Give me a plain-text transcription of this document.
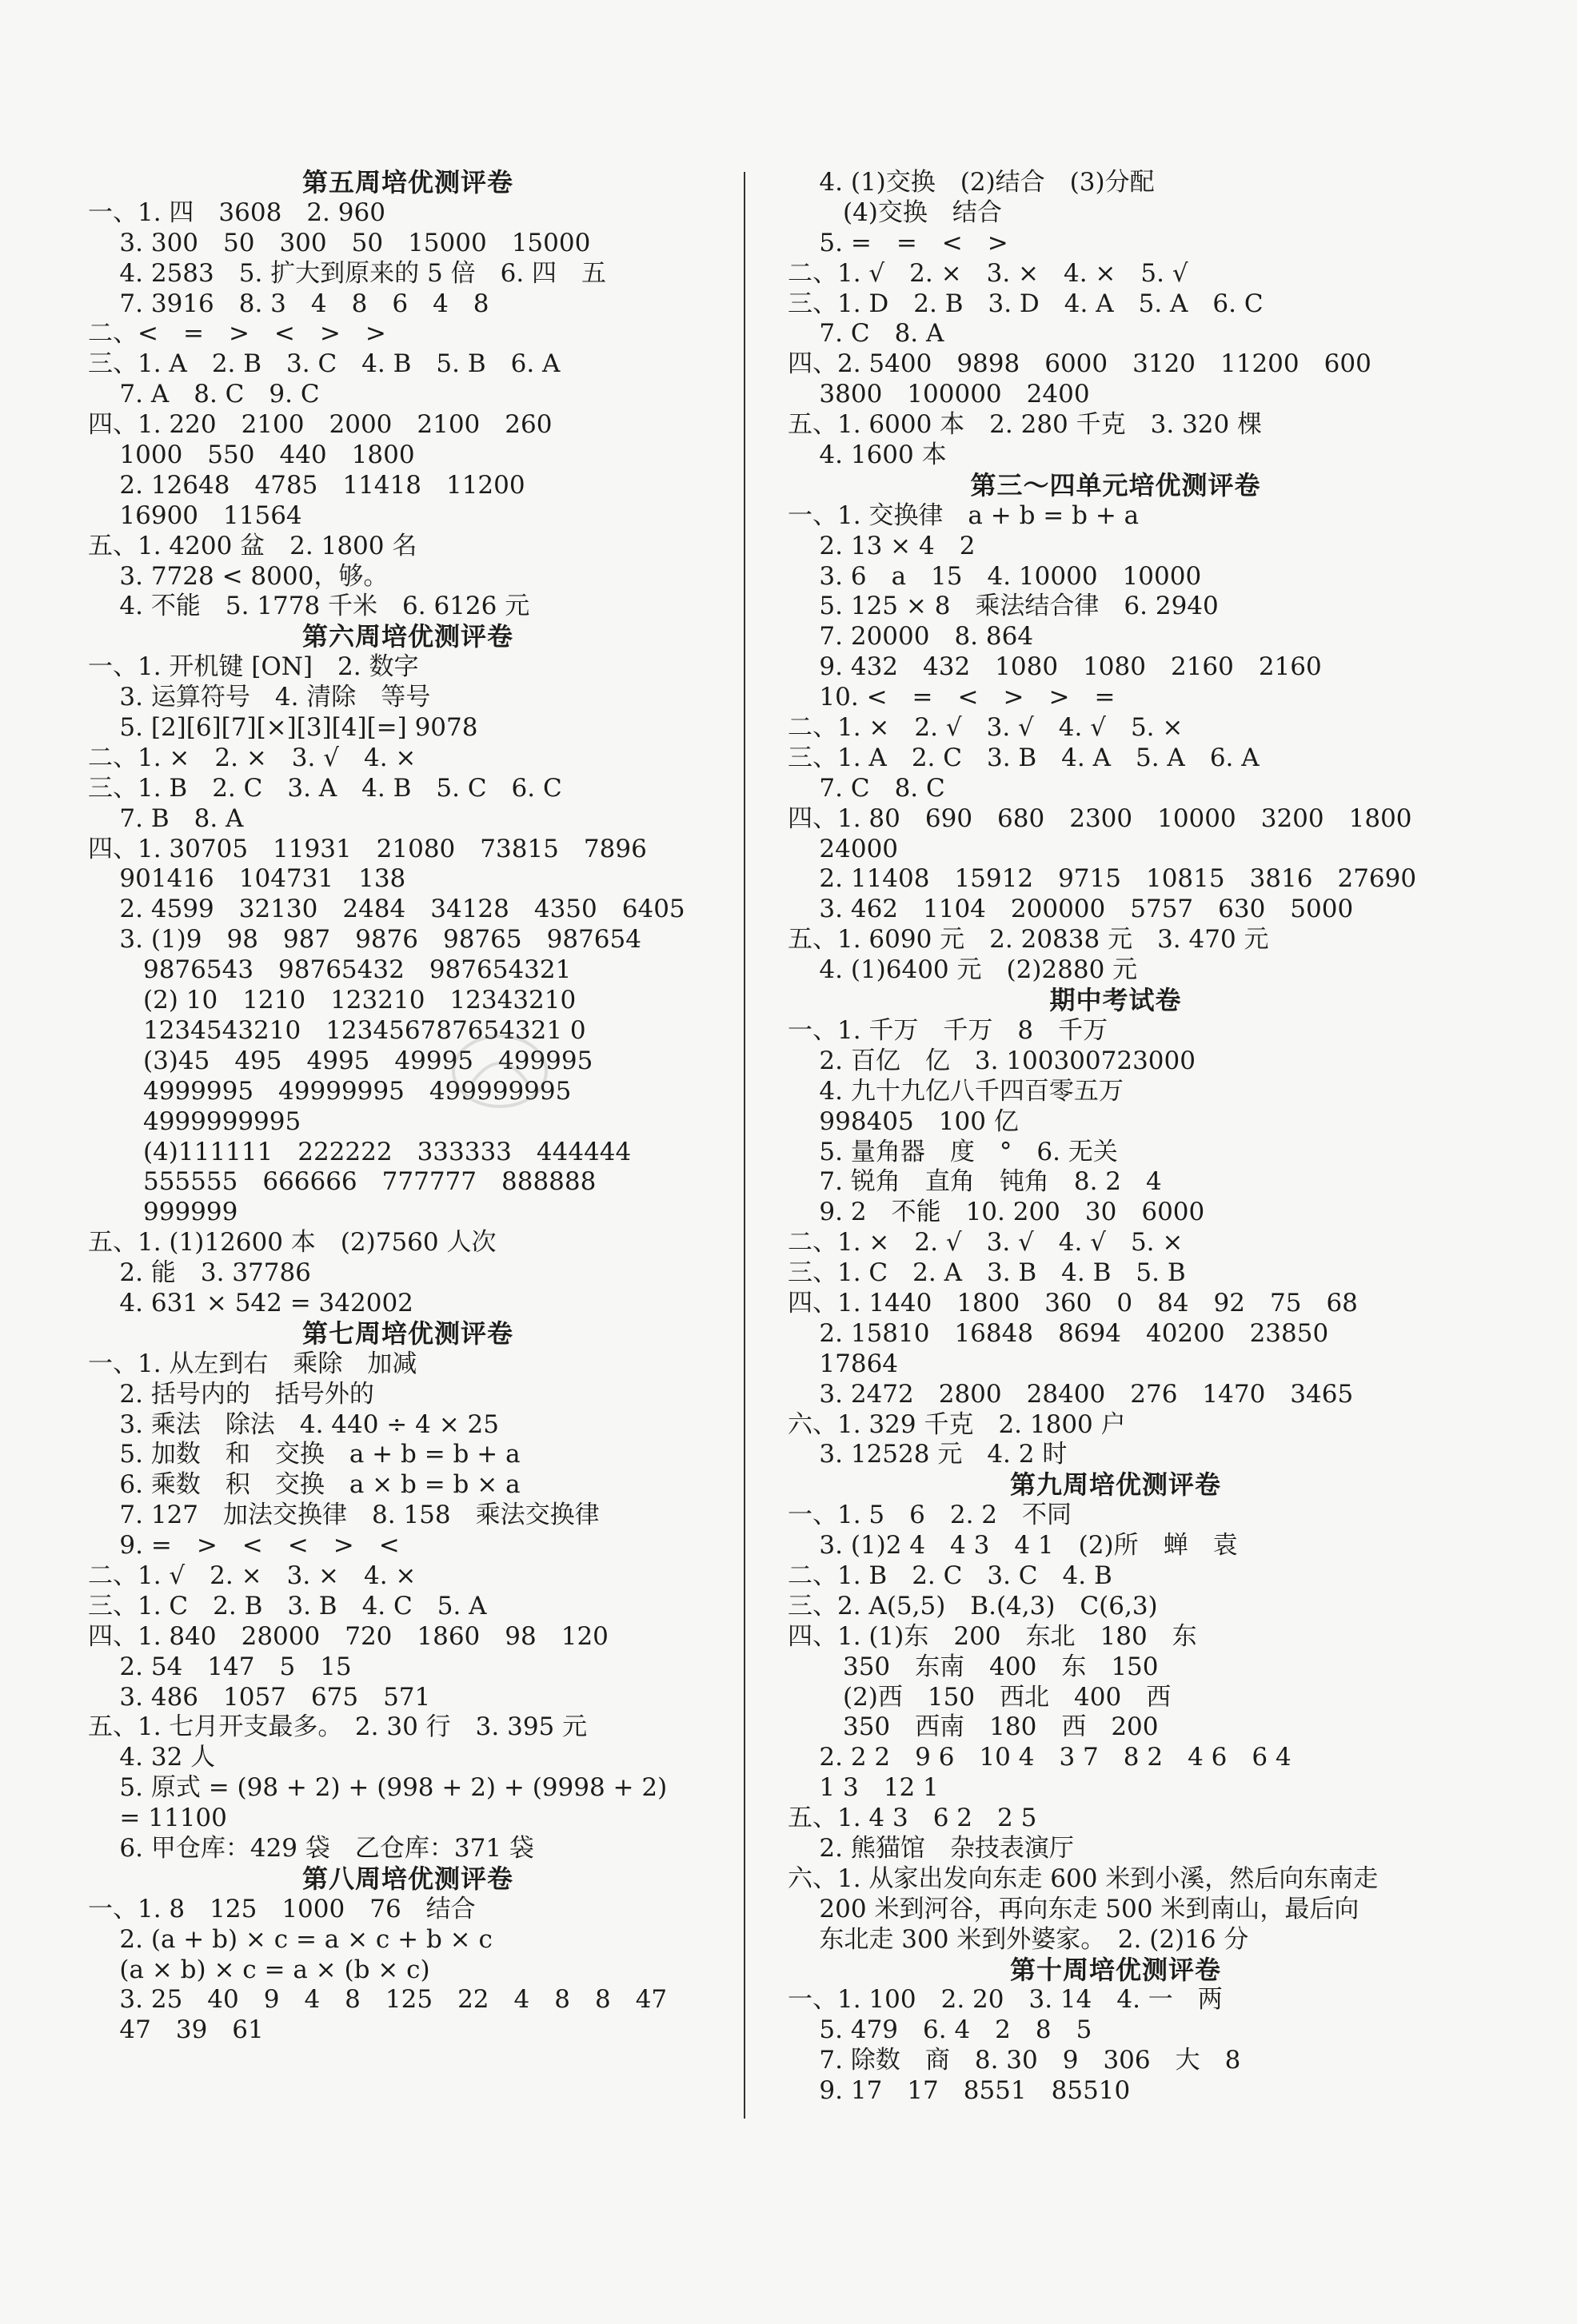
第五周培优测评卷
一、1. 四　3608　2. 960
3. 300　50　300　50　15000　15000
4. 2583　5. 扩大到原来的 5 倍　6. 四　五
7. 3916　8. 3　4　8　6　4　8
二、<　=　>　<　>　>
三、1. A　2. B　3. C　4. B　5. B　6. A
7. A　8. C　9. C
四、1. 220　2100　2000　2100　260
1000　550　440　1800
2. 12648　4785　11418　11200
16900　11564
五、1. 4200 盆　2. 1800 名
3. 7728 < 8000，够。
4. 不能　5. 1778 千米　6. 6126 元
第六周培优测评卷
一、1. 开机键 [ON]　2. 数字
3. 运算符号　4. 清除　等号
5. [2][6][7][×][3][4][=] 9078
二、1. ×　2. ×　3. √　4. ×
三、1. B　2. C　3. A　4. B　5. C　6. C
7. B　8. A
四、1. 30705　11931　21080　73815　7896
901416　104731　138
2. 4599　32130　2484　34128　4350　6405
3. (1)9　98　987　9876　98765　987654
9876543　98765432　987654321
(2) 10　1210　123210　12343210
1234543210　123456787654321 0
(3)45　495　4995　49995　499995
4999995　49999995　499999995
4999999995
(4)111111　222222　333333　444444
555555　666666　777777　888888
999999
五、1. (1)12600 本　(2)7560 人次
2. 能　3. 37786
4. 631 × 542 = 342002
第七周培优测评卷
一、1. 从左到右　乘除　加减
2. 括号内的　括号外的
3. 乘法　除法　4. 440 ÷ 4 × 25
5. 加数　和　交换　a + b = b + a
6. 乘数　积　交换　a × b = b × a
7. 127　加法交换律　8. 158　乘法交换律
9. =　>　<　<　>　<
二、1. √　2. ×　3. ×　4. ×
三、1. C　2. B　3. B　4. C　5. A
四、1. 840　28000　720　1860　98　120
2. 54　147　5　15
3. 486　1057　675　571
五、1. 七月开支最多。　2. 30 行　3. 395 元
4. 32 人
5. 原式 = (98 + 2) + (998 + 2) + (9998 + 2)
= 11100
6. 甲仓库：429 袋　乙仓库：371 袋
第八周培优测评卷
一、1. 8　125　1000　76　结合
2. (a + b) × c = a × c + b × c
(a × b) × c = a × (b × c)
3. 25　40　9　4　8　125　22　4　8　8　47
47　39　61
4. (1)交换　(2)结合　(3)分配
(4)交换　结合
5. =　=　<　>
二、1. √　2. ×　3. ×　4. ×　5. √
三、1. D　2. B　3. D　4. A　5. A　6. C
7. C　8. A
四、2. 5400　9898　6000　3120　11200　600
3800　100000　2400
五、1. 6000 本　2. 280 千克　3. 320 棵
4. 1600 本
第三～四单元培优测评卷
一、1. 交换律　a + b = b + a
2. 13 × 4　2
3. 6　a　15　4. 10000　10000
5. 125 × 8　乘法结合律　6. 2940
7. 20000　8. 864
9. 432　432　1080　1080　2160　2160
10. <　=　<　>　>　=
二、1. ×　2. √　3. √　4. √　5. ×
三、1. A　2. C　3. B　4. A　5. A　6. A
7. C　8. C
四、1. 80　690　680　2300　10000　3200　1800
24000
2. 11408　15912　9715　10815　3816　27690
3. 462　1104　200000　5757　630　5000
五、1. 6090 元　2. 20838 元　3. 470 元
4. (1)6400 元　(2)2880 元
期中考试卷
一、1. 千万　千万　8　千万
2. 百亿　亿　3. 100300723000
4. 九十九亿八千四百零五万
998405　100 亿
5. 量角器　度　°　6. 无关
7. 锐角　直角　钝角　8. 2　4
9. 2　不能　10. 200　30　6000
二、1. ×　2. √　3. √　4. √　5. ×
三、1. C　2. A　3. B　4. B　5. B
四、1. 1440　1800　360　0　84　92　75　68
2. 15810　16848　8694　40200　23850
17864
3. 2472　2800　28400　276　1470　3465
六、1. 329 千克　2. 1800 户
3. 12528 元　4. 2 时
第九周培优测评卷
一、1. 5　6　2. 2　不同
3. (1)2 4　4 3　4 1　(2)所　蝉　袁
二、1. B　2. C　3. C　4. B
三、2. A(5,5)　B.(4,3)　C(6,3)
四、1. (1)东　200　东北　180　东
350　东南　400　东　150
(2)西　150　西北　400　西
350　西南　180　西　200
2. 2 2　9 6　10 4　3 7　8 2　4 6　6 4
1 3　12 1
五、1. 4 3　6 2　2 5
2. 熊猫馆　杂技表演厅
六、1. 从家出发向东走 600 米到小溪，然后向东南走
200 米到河谷，再向东走 500 米到南山，最后向
东北走 300 米到外婆家。　2. (2)16 分
第十周培优测评卷
一、1. 100　2. 20　3. 14　4. 一　两
5. 479　6. 4　2　8　5
7. 除数　商　8. 30　9　306　大　8
9. 17　17　8551　85510
